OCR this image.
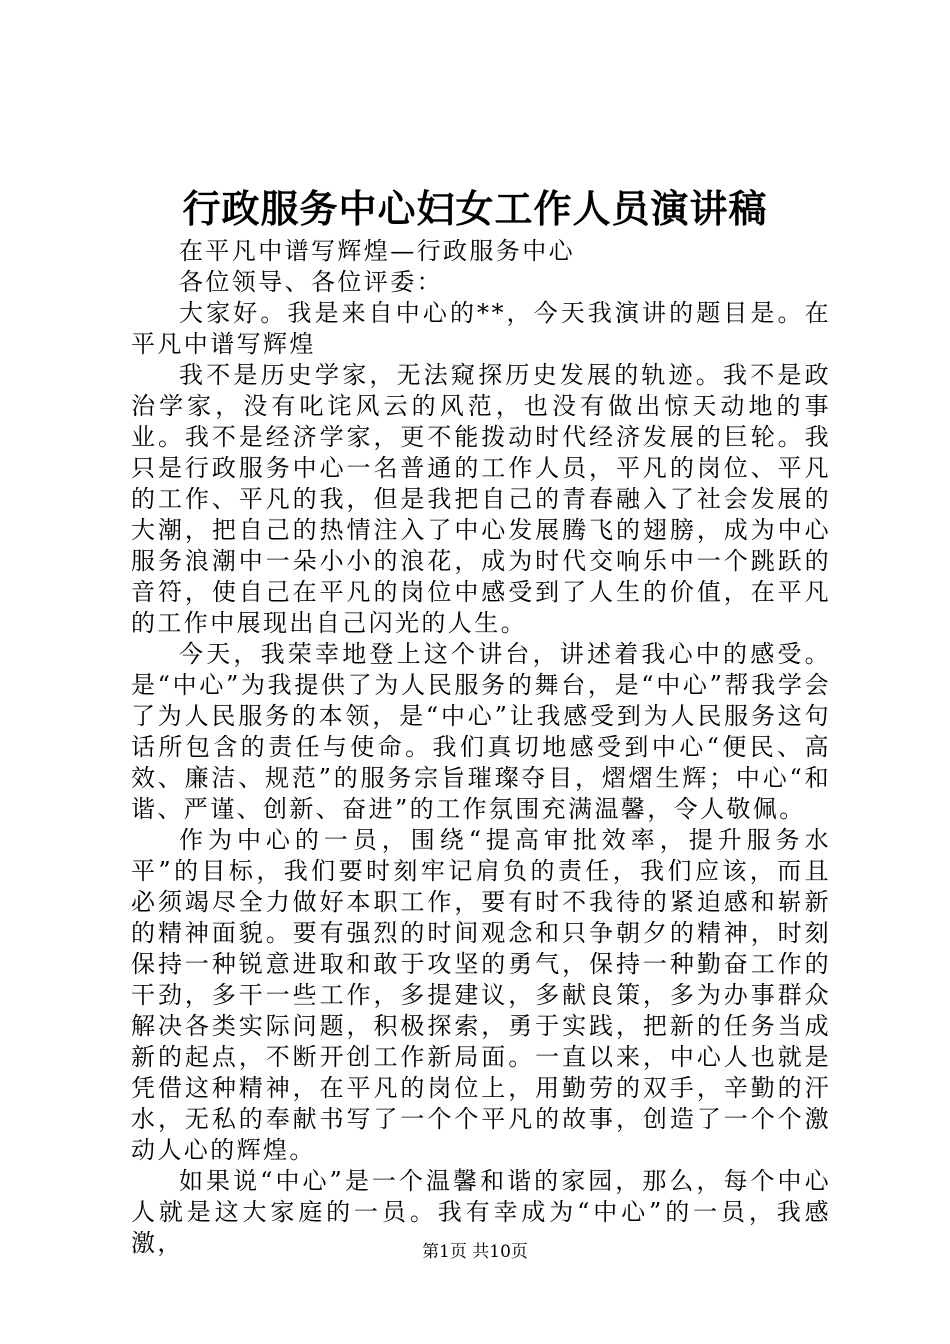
行政服务中心妇女工作人员演讲稿

在平凡中谱写辉煌—行政服务中心

各位领导、各位评委：

大家好。我是来自中心的**，今天我演讲的题目是。在平凡中谱写辉煌

我不是历史学家，无法窥探历史发展的轨迹。我不是政治学家，没有叱诧风云的风范，也没有做出惊天动地的事业。我不是经济学家，更不能拨动时代经济发展的巨轮。我只是行政服务中心一名普通的工作人员，平凡的岗位、平凡的工作、平凡的我，但是我把自己的青春融入了社会发展的大潮，把自己的热情注入了中心发展腾飞的翅膀，成为中心服务浪潮中一朵小小的浪花，成为时代交响乐中一个跳跃的音符，使自己在平凡的岗位中感受到了人生的价值，在平凡的工作中展现出自己闪光的人生。

今天，我荣幸地登上这个讲台，讲述着我心中的感受。是“中心”为我提供了为人民服务的舞台，是“中心”帮我学会了为人民服务的本领，是“中心”让我感受到为人民服务这句话所包含的责任与使命。我们真切地感受到中心“便民、高效、廉洁、规范”的服务宗旨璀璨夺目，熠熠生辉；中心“和谐、严谨、创新、奋进”的工作氛围充满温馨，令人敬佩。

作为中心的一员，围绕“提高审批效率，提升服务水平”的目标，我们要时刻牢记肩负的责任，我们应该，而且必须竭尽全力做好本职工作，要有时不我待的紧迫感和崭新的精神面貌。要有强烈的时间观念和只争朝夕的精神，时刻保持一种锐意进取和敢于攻坚的勇气，保持一种勤奋工作的干劲，多干一些工作，多提建议，多献良策，多为办事群众解决各类实际问题，积极探索，勇于实践，把新的任务当成新的起点，不断开创工作新局面。一直以来，中心人也就是凭借这种精神，在平凡的岗位上，用勤劳的双手，辛勤的汗水，无私的奉献书写了一个个平凡的故事，创造了一个个激动人心的辉煌。

如果说“中心”是一个温馨和谐的家园，那么，每个中心人就是这大家庭的一员。我有幸成为“中心”的一员，我感激，	第1页 共10页
